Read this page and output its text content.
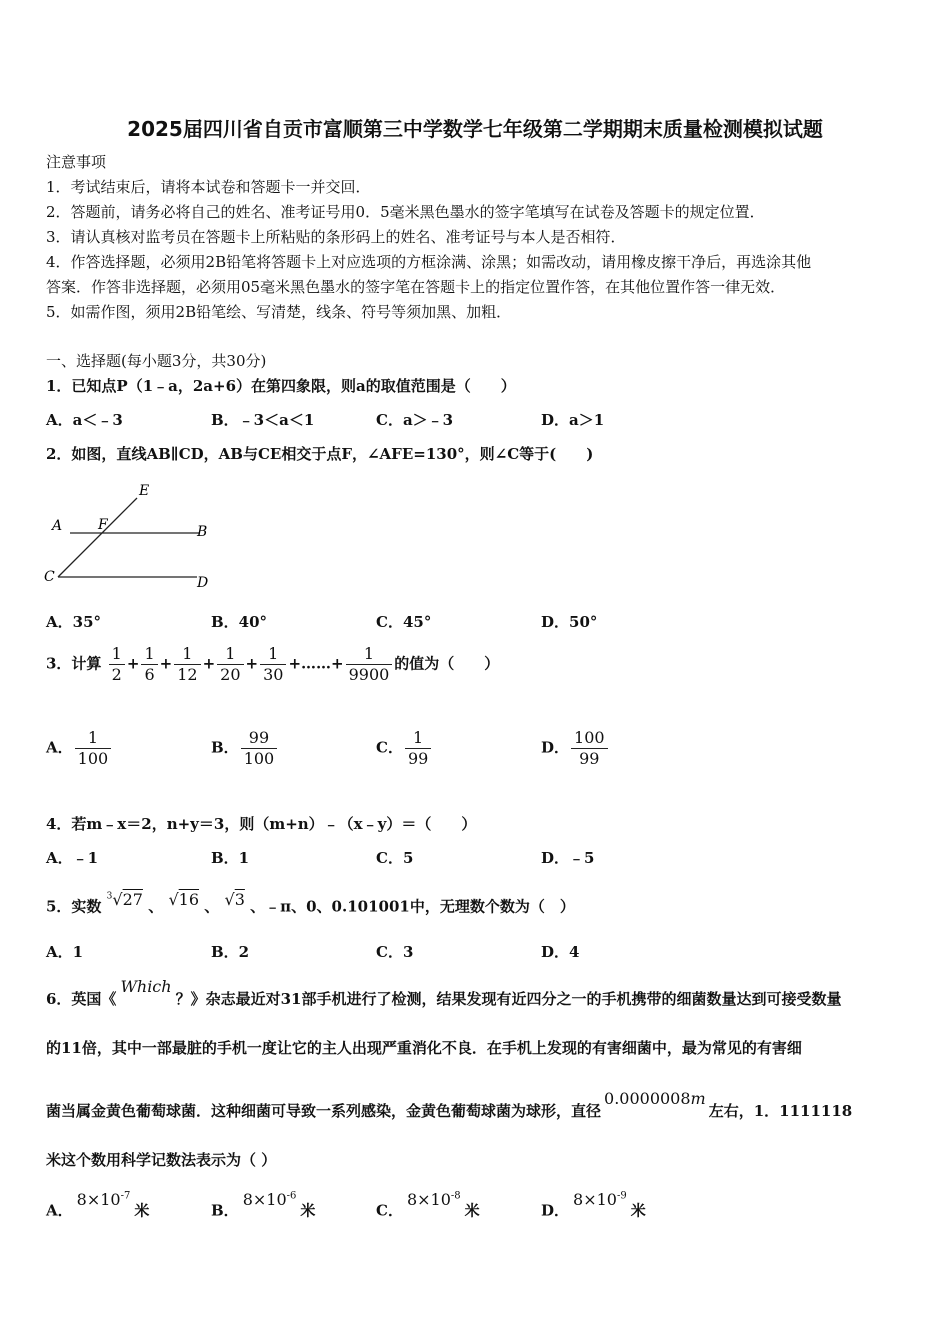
2025届四川省自贡市富顺第三中学数学七年级第二学期期末质量检测模拟试题
注意事项
1．考试结束后，请将本试卷和答题卡一并交回．
2．答题前，请务必将自己的姓名、准考证号用0．5毫米黑色墨水的签字笔填写在试卷及答题卡的规定位置．
3．请认真核对监考员在答题卡上所粘贴的条形码上的姓名、准考证号与本人是否相符．
4．作答选择题，必须用2B铅笔将答题卡上对应选项的方框涂满、涂黑；如需改动，请用橡皮擦干净后，再选涂其他
答案．作答非选择题，必须用05毫米黑色墨水的签字笔在答题卡上的指定位置作答，在其他位置作答一律无效．
5．如需作图，须用2B铅笔绘、写清楚，线条、符号等须加黑、加粗．
一、选择题(每小题3分，共30分)
1．已知点P（1﹣a，2a+6）在第四象限，则a的取值范围是（　　）
A．a＜﹣3	B．﹣3＜a＜1	C．a＞﹣3	D．a＞1
2．如图，直线AB∥CD，AB与CE相交于点F，∠AFE=130°，则∠C等于(　　)
E
A	F	B
C	D
A．35°	B．40°	C．45°	D．50°
3．计算 $\frac{1}{2} + \frac{1}{6} + \frac{1}{12} + \frac{1}{20} + \frac{1}{30}$ +……+ $\frac{1}{9900}$ 的值为（　　）
A． $\frac{1}{100}$	B． $\frac{99}{100}$	C． $\frac{1}{99}$	D． $\frac{100}{99}$
4．若m﹣x＝2，n+y＝3，则（m+n）﹣（x﹣y）＝（　　）
A．﹣1	B．1	C．5	D．﹣5
5．实数 $^3$√27 、 √16 、 √3 、﹣π、0、0.101001中，无理数个数为（　）
A．1	B．2	C．3	D．4
6．英国《Which？》杂志最近对31部手机进行了检测，结果发现有近四分之一的手机携带的细菌数量达到可接受数量
的11倍，其中一部最脏的手机一度让它的主人出现严重消化不良．在手机上发现的有害细菌中，最为常见的有害细
菌当属金黄色葡萄球菌．这种细菌可导致一系列感染，金黄色葡萄球菌为球形，直径0.0000008m左右，1．1111118
米这个数用科学记数法表示为（ ）
A．$8\times 10^{-7}$米	B．$8\times 10^{-6}$米	C．$8\times 10^{-8}$米	D．$8\times 10^{-9}$米
